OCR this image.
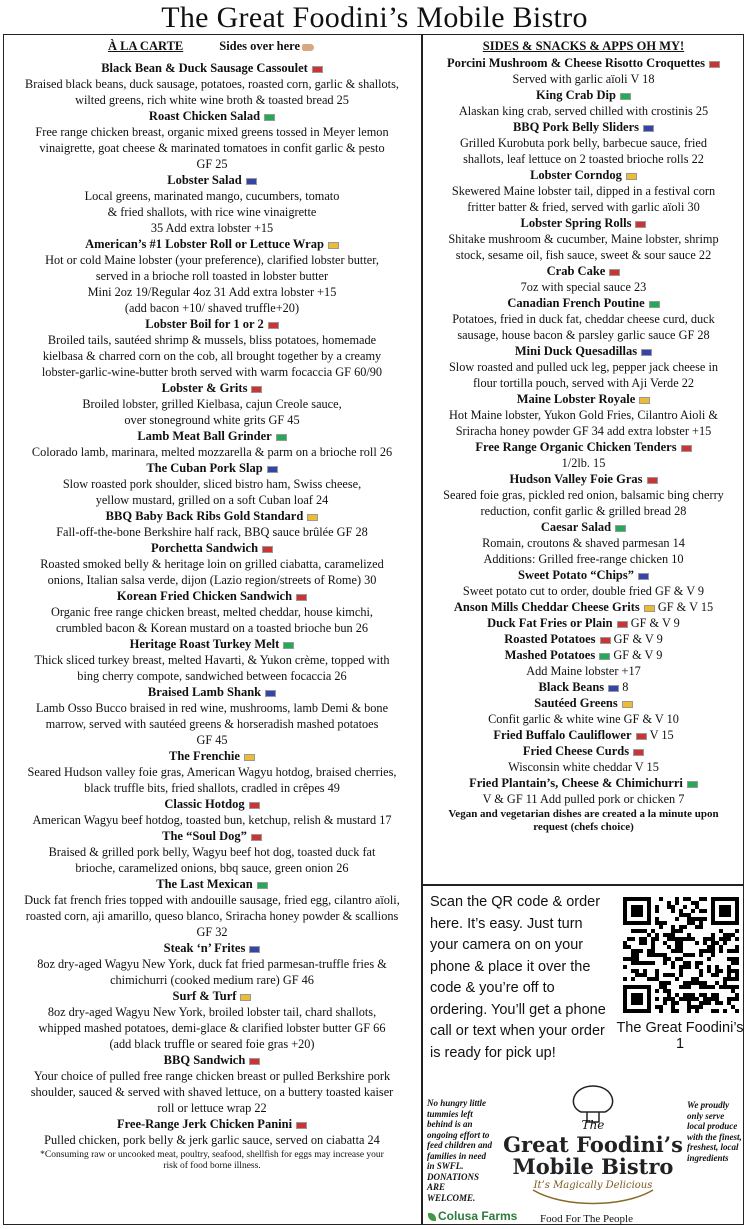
The Great Foodini’s Mobile Bistro
À LA CARTE	Sides over here
Black Bean & Duck Sausage Cassoulet
Braised black beans, duck sausage, potatoes, roasted corn, garlic & shallots,
wilted greens, rich white wine broth & toasted bread 25
Roast Chicken Salad
Free range chicken breast, organic mixed greens tossed in Meyer lemon
vinaigrette, goat cheese & marinated tomatoes in confit garlic & pesto
GF 25
Lobster Salad
Local greens, marinated mango, cucumbers, tomato
& fried shallots, with rice wine vinaigrette
35 Add extra lobster +15
American’s #1 Lobster Roll or Lettuce Wrap
Hot or cold Maine lobster (your preference), clarified lobster butter,
served in a brioche roll toasted in lobster butter
Mini 2oz 19/Regular 4oz 31 Add extra lobster +15
(add bacon +10/ shaved truffle+20)
Lobster Boil for 1 or 2
Broiled tails, sautéed shrimp & mussels, bliss potatoes, homemade
kielbasa & charred corn on the cob, all brought together by a creamy
lobster-garlic-wine-butter broth served with warm focaccia GF 60/90
Lobster & Grits
Broiled lobster, grilled Kielbasa, cajun Creole sauce,
over stoneground white grits GF 45
Lamb Meat Ball Grinder
Colorado lamb, marinara, melted mozzarella & parm on a brioche roll 26
The Cuban Pork Slap
Slow roasted pork shoulder, sliced bistro ham, Swiss cheese,
yellow mustard, grilled on a soft Cuban loaf 24
BBQ Baby Back Ribs Gold Standard
Fall-off-the-bone Berkshire half rack, BBQ sauce brûlée GF 28
Porchetta Sandwich
Roasted smoked belly & heritage loin on grilled ciabatta, caramelized
onions, Italian salsa verde, dijon (Lazio region/streets of Rome) 30
Korean Fried Chicken Sandwich
Organic free range chicken breast, melted cheddar, house kimchi,
crumbled bacon & Korean mustard on a toasted brioche bun 26
Heritage Roast Turkey Melt
Thick sliced turkey breast, melted Havarti, & Yukon crème, topped with
bing cherry compote, sandwiched between focaccia 26
Braised Lamb Shank
Lamb Osso Bucco braised in red wine, mushrooms, lamb Demi & bone
marrow, served with sautéed greens & horseradish mashed potatoes
GF 45
The Frenchie
Seared Hudson valley foie gras, American Wagyu hotdog, braised cherries,
black truffle bits, fried shallots, cradled in crêpes 49
Classic Hotdog
American Wagyu beef hotdog, toasted bun, ketchup, relish & mustard 17
The “Soul Dog”
Braised & grilled pork belly, Wagyu beef hot dog, toasted duck fat
brioche, caramelized onions, bbq sauce, green onion 26
The Last Mexican
Duck fat french fries topped with andouille sausage, fried egg, cilantro aïoli,
roasted corn, aji amarillo, queso blanco, Sriracha honey powder & scallions
GF 32
Steak ‘n’ Frites
8oz dry-aged Wagyu New York, duck fat fried parmesan-truffle fries &
chimichurri (cooked medium rare) GF 46
Surf & Turf
8oz dry-aged Wagyu New York, broiled lobster tail, chard shallots,
whipped mashed potatoes, demi-glace & clarified lobster butter GF 66
(add black truffle or seared foie gras +20)
BBQ Sandwich
Your choice of pulled free range chicken breast or pulled Berkshire pork
shoulder, sauced & served with shaved lettuce, on a buttery toasted kaiser
roll or lettuce wrap 22
Free-Range Jerk Chicken Panini
Pulled chicken, pork belly & jerk garlic sauce, served on ciabatta 24
*Consuming raw or uncooked meat, poultry, seafood, shellfish for eggs may increase your
risk of food borne illness.
SIDES & SNACKS & APPS OH MY!
Porcini Mushroom & Cheese Risotto Croquettes
Served with garlic aïoli V 18
King Crab Dip
Alaskan king crab, served chilled with crostinis 25
BBQ Pork Belly Sliders
Grilled Kurobuta pork belly, barbecue sauce, fried
shallots, leaf lettuce on 2 toasted brioche rolls 22
Lobster Corndog
Skewered Maine lobster tail, dipped in a festival corn
fritter batter & fried, served with garlic aïoli 30
Lobster Spring Rolls
Shitake mushroom & cucumber, Maine lobster, shrimp
stock, sesame oil, fish sauce, sweet & sour sauce 22
Crab Cake
7oz with special sauce 23
Canadian French Poutine
Potatoes, fried in duck fat, cheddar cheese curd, duck
sausage, house bacon & parsley garlic sauce GF 28
Mini Duck Quesadillas
Slow roasted and pulled uck leg, pepper jack cheese in
flour tortilla pouch, served with Aji Verde 22
Maine Lobster Royale
Hot Maine lobster, Yukon Gold Fries, Cilantro Aioli &
Sriracha honey powder GF 34 add extra lobster +15
Free Range Organic Chicken Tenders
1/2lb. 15
Hudson Valley Foie Gras
Seared foie gras, pickled red onion, balsamic bing cherry
reduction, confit garlic & grilled bread 28
Caesar Salad
Romain, croutons & shaved parmesan 14
Additions: Grilled free-range chicken 10
Sweet Potato “Chips”
Sweet potato cut to order, double fried GF & V 9
Anson Mills Cheddar Cheese Grits GF & V 15
Duck Fat Fries or Plain GF & V 9
Roasted Potatoes GF & V 9
Mashed Potatoes GF & V 9
Add Maine lobster +17
Black Beans 8
Sautéed Greens
Confit garlic & white wine GF & V 10
Fried Buffalo Cauliflower V 15
Fried Cheese Curds
Wisconsin white cheddar V 15
Fried Plantain’s, Cheese & Chimichurri
V & GF 11 Add pulled pork or chicken 7
Vegan and vegetarian dishes are created a la minute upon
request (chefs choice)
Scan the QR code & order here. It’s easy. Just turn your camera on on your phone & place it over the code & you’re off to ordering. You’ll get a phone call or text when your order is ready for pick up!
The Great Foodini’s 1
No hungry little tummies left behind is an ongoing effort to feed children and families in need in SWFL. DONATIONS ARE WELCOME.
We proudly only serve local produce with the finest, freshest, local ingredients
The
Great Foodini’s
Mobile Bistro
It’s Magically Delicious
Colusa Farms Food For The People
